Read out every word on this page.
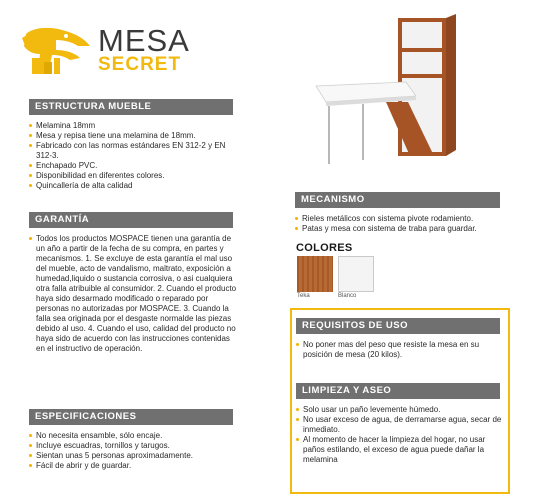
MESA
SECRET
ESTRUCTURA MUEBLE
Melamina 18mm
Mesa y repisa tiene una melamina de 18mm.
Fabricado con las normas estándares EN 312-2 y EN 312-3.
Enchapado PVC.
Disponibilidad en diferentes colores.
Quincallería de alta calidad
GARANTÍA
Todos los productos MOSPACE tienen una garantía de un año a partir de la fecha de su compra, en partes y mecanismos. 1. Se excluye de esta garantía el mal uso del mueble, acto de vandalismo, maltrato, exposición a humedad,liquido o sustancia corrosiva, o asi cualquiera otra falla atribuible al consumidor. 2. Cuando el producto haya sido desarmado modificado o reparado por personas no autorizadas por MOSPACE. 3. Cuando la falla sea originada por el desgaste normalde las piezas debido al uso. 4. Cuando el uso, calidad del producto no haya sido de acuerdo con las instrucciones contenidas en el instructivo de operación.
ESPECIFICACIONES
No necesita ensamble, sólo encaje.
Incluye escuadras, tornillos y tarugos.
Sientan unas 5 personas aproximadamente.
Fácil de abrir y de guardar.
MECANISMO
Rieles metálicos con sistema pivote rodamiento.
Patas y mesa con sistema de traba para guardar.
COLORES
Teka	Blanco
REQUISITOS DE USO
No poner mas del peso que resiste la mesa en su posición de mesa (20 kilos).
LIMPIEZA Y ASEO
Solo usar un paño levemente húmedo.
No usar exceso de agua, de derramarse agua, secar de inmediato.
Al momento de hacer la limpieza del hogar, no usar paños estilando, el exceso de agua puede dañar la melamina
